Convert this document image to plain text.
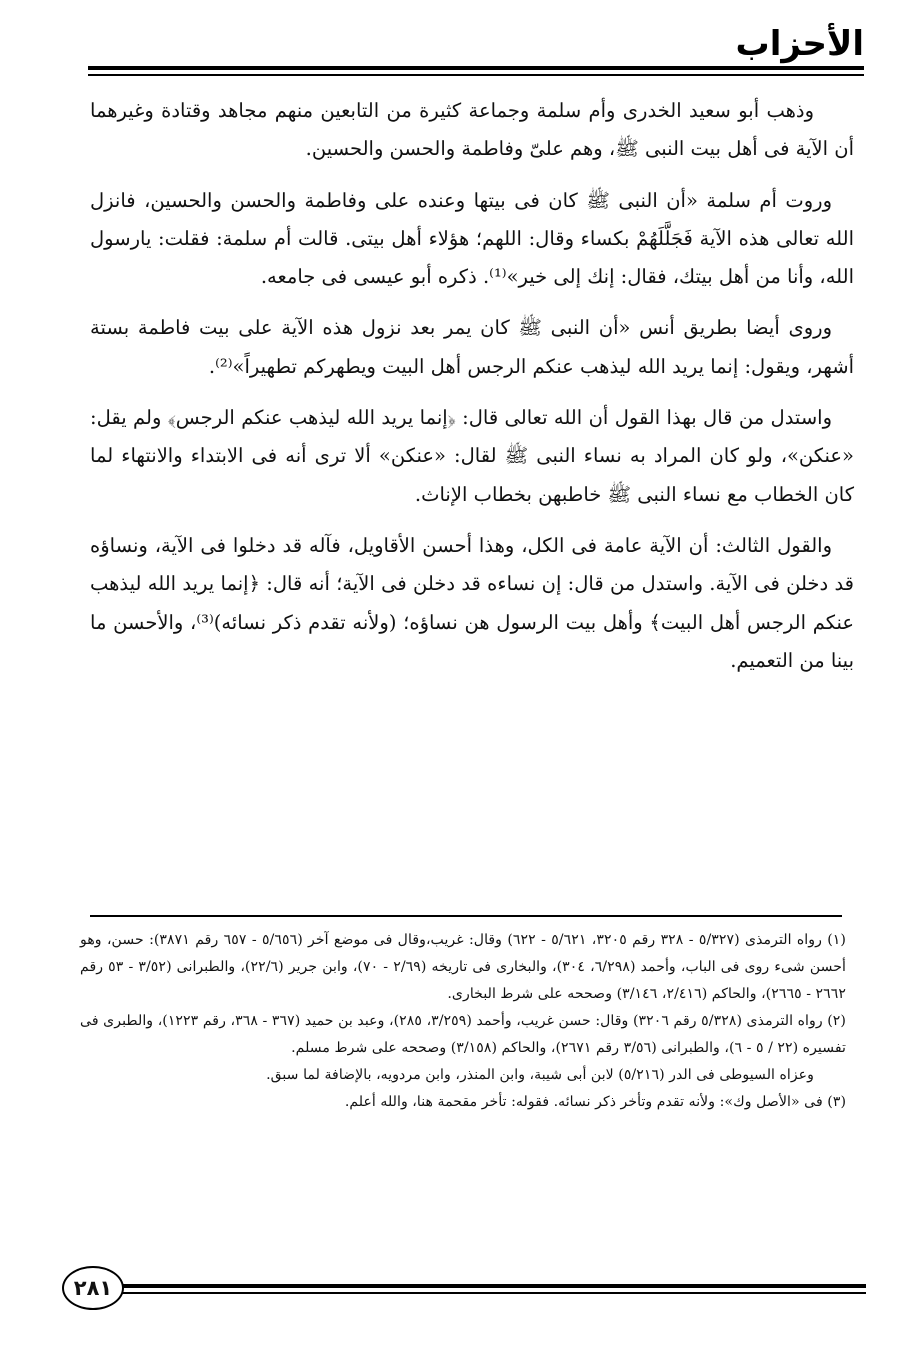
الأحزاب

وذهب أبو سعيد الخدرى وأم سلمة وجماعة كثيرة من التابعين منهم مجاهد وقتادة وغيرهما أن الآية فى أهل بيت النبى ﷺ، وهم علىّ وفاطمة والحسن والحسين.

وروت أم سلمة «أن النبى ﷺ كان فى بيتها وعنده على وفاطمة والحسن والحسين، فانزل الله تعالى هذه الآية فَجَلَّلَهُمْ بكساء وقال: اللهم؛ هؤلاء أهل بيتى. قالت أم سلمة: فقلت: يارسول الله، وأنا من أهل بيتك، فقال: إنك إلى خير»⁽¹⁾. ذكره أبو عيسى فى جامعه.

وروى أيضا بطريق أنس «أن النبى ﷺ كان يمر بعد نزول هذه الآية على بيت فاطمة بستة أشهر، ويقول: إنما يريد الله ليذهب عنكم الرجس أهل البيت ويطهركم تطهيراً»⁽²⁾.

واستدل من قال بهذا القول أن الله تعالى قال: ﴿إنما يريد الله ليذهب عنكم الرجس﴾ ولم يقل: «عنكن»، ولو كان المراد به نساء النبى ﷺ لقال: «عنكن» ألا ترى أنه فى الابتداء والانتهاء لما كان الخطاب مع نساء النبى ﷺ خاطبهن بخطاب الإناث.

والقول الثالث: أن الآية عامة فى الكل، وهذا أحسن الأقاويل، فآله قد دخلوا فى الآية، ونساؤه قد دخلن فى الآية. واستدل من قال: إن نساءه قد دخلن فى الآية؛ أنه قال: ﴿إنما يريد الله ليذهب عنكم الرجس أهل البيت﴾ وأهل بيت الرسول هن نساؤه؛ (ولأنه تقدم ذكر نسائه)⁽³⁾، والأحسن ما بينا من التعميم.

(١) رواه الترمذى (٥/٣٢٧ - ٣٢٨ رقم ٣٢٠٥، ٥/٦٢١ - ٦٢٢) وقال: غريب،وقال فى موضع آخر (٥/٦٥٦ - ٦٥٧ رقم ٣٨٧١): حسن، وهو أحسن شىء روى فى الباب، وأحمد (٦/٢٩٨، ٣٠٤)، والبخارى فى تاريخه (٢/٦٩ - ٧٠)، وابن جرير (٢٢/٦)، والطبرانى (٣/٥٢ - ٥٣ رقم ٢٦٦٢ - ٢٦٦٥)، والحاكم (٢/٤١٦، ٣/١٤٦) وصححه على شرط البخارى.

(٢) رواه الترمذى (٥/٣٢٨ رقم ٣٢٠٦) وقال: حسن غريب، وأحمد (٣/٢٥٩، ٢٨٥)، وعبد بن حميد (٣٦٧ - ٣٦٨، رقم ١٢٢٣)، والطبرى فى تفسيره (٢٢ / ٥ - ٦)، والطبرانى (٣/٥٦ رقم ٢٦٧١)، والحاكم (٣/١٥٨) وصححه على شرط مسلم.

وعزاه السيوطى فى الدر (٥/٢١٦) لابن أبى شيبة، وابن المنذر، وابن مردويه، بالإضافة لما سبق.

(٣) فى «الأصل وك»: ولأنه تقدم وتأخر ذكر نسائه. فقوله: تأخر مقحمة هنا، والله أعلم.

٢٨١
